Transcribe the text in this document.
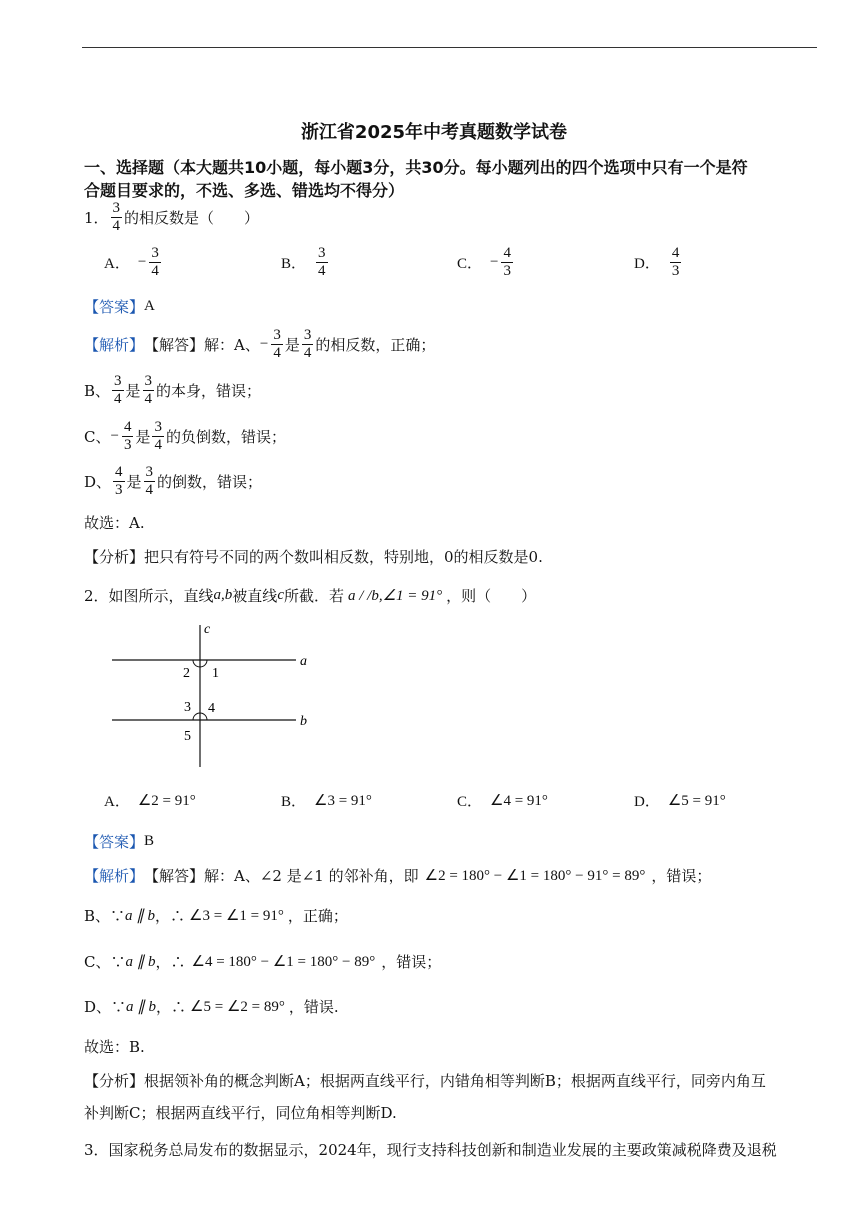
浙江省2025年中考真题数学试卷
一、选择题（本大题共10小题，每小题3分，共30分。每小题列出的四个选项中只有一个是符
合题目要求的，不选、多选、错选均不得分）
1． $\frac{3}{4}$ 的相反数是（　　）
A． − $\frac{3}{4}$	B． $\frac{3}{4}$	C． − $\frac{4}{3}$	D． $\frac{4}{3}$
【答案】 A
【解析】 【解答】解：A、 − $\frac{3}{4}$ 是 $\frac{3}{4}$ 的相反数，正确；
B、 $\frac{3}{4}$ 是 $\frac{3}{4}$ 的本身，错误；
C、 − $\frac{4}{3}$ 是 $\frac{3}{4}$ 的负倒数，错误；
D、 $\frac{4}{3}$ 是 $\frac{3}{4}$ 的倒数，错误；
故选：A.
【分析】把只有符号不同的两个数叫相反数，特别地，0的相反数是0.
2．如图所示，直线 a,b 被直线 c 所截．若 a / /b,∠1 = 91° ，则（　　）
c
a
b
1
2
3 4
5
A． ∠2 = 91°	B． ∠3 = 91°	C． ∠4 = 91°	D． ∠5 = 91°
【答案】 B
【解析】 【解答】解：A、∠2 是∠1 的邻补角，即 ∠2 = 180° − ∠1 = 180° − 91° = 89° ，错误；
B、∵ a ∥ b ，∴ ∠3 = ∠1 = 91° ，正确；
C、∵ a ∥ b ，∴ ∠4 = 180° − ∠1 = 180° − 89° ，错误；
D、∵ a ∥ b ，∴ ∠5 = ∠2 = 89° ，错误.
故选：B.
【分析】根据领补角的概念判断A；根据两直线平行，内错角相等判断B；根据两直线平行，同旁内角互
补判断C；根据两直线平行，同位角相等判断D.
3．国家税务总局发布的数据显示，2024年，现行支持科技创新和制造业发展的主要政策减税降费及退税
